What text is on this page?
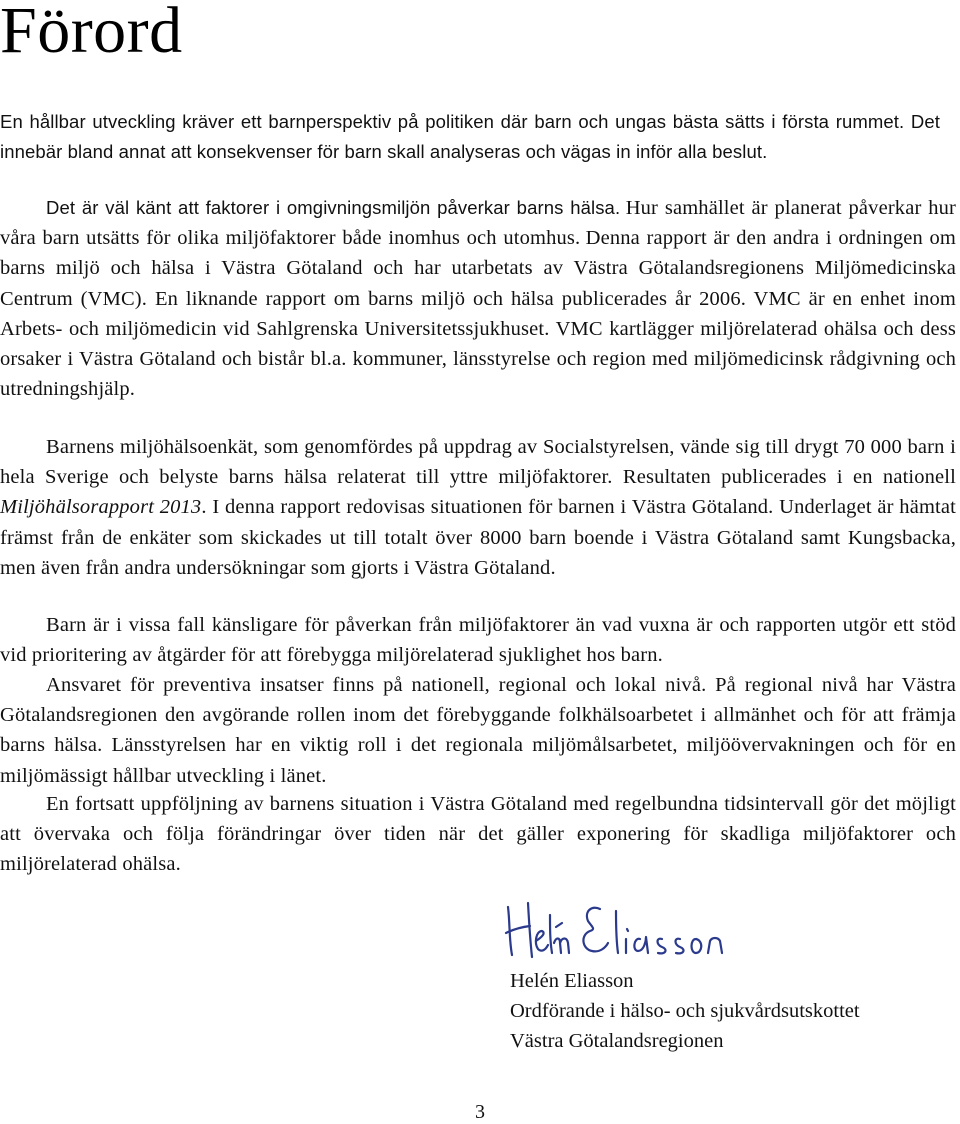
Förord

En hållbar utveckling kräver ett barnperspektiv på politiken där barn och ungas bästa sätts i första rummet. Det innebär bland annat att konsekvenser för barn skall analyseras och vägas in inför alla beslut.

Det är väl känt att faktorer i omgivningsmiljön påverkar barns hälsa. Hur samhället är planerat påverkar hur våra barn utsätts för olika miljöfaktorer både inomhus och utomhus. Denna rapport är den andra i ordningen om barns miljö och hälsa i Västra Götaland och har utarbetats av Västra Götalandsregionens Miljömedicinska Centrum (VMC). En liknande rapport om barns miljö och hälsa publicerades år 2006. VMC är en enhet inom Arbets- och miljömedicin vid Sahlgrenska Universitetssjukhuset. VMC kartlägger miljörelaterad ohälsa och dess orsaker i Västra Götaland och bistår bl.a. kommuner, länsstyrelse och region med miljömedicinsk rådgivning och utredningshjälp.

Barnens miljöhälsoenkät, som genomfördes på uppdrag av Socialstyrelsen, vände sig till drygt 70 000 barn i hela Sverige och belyste barns hälsa relaterat till yttre miljöfaktorer. Resultaten publicerades i en nationell Miljöhälsorapport 2013. I denna rapport redovisas situationen för barnen i Västra Götaland. Underlaget är hämtat främst från de enkäter som skickades ut till totalt över 8000 barn boende i Västra Götaland samt Kungsbacka, men även från andra undersökningar som gjorts i Västra Götaland.

Barn är i vissa fall känsligare för påverkan från miljöfaktorer än vad vuxna är och rapporten utgör ett stöd vid prioritering av åtgärder för att förebygga miljörelaterad sjuklighet hos barn.

Ansvaret för preventiva insatser finns på nationell, regional och lokal nivå. På regional nivå har Västra Götalandsregionen den avgörande rollen inom det förebyggande folkhälsoarbetet i allmänhet och för att främja barns hälsa. Länsstyrelsen har en viktig roll i det regionala miljömålsarbetet, miljöövervakningen och för en miljömässigt hållbar utveckling i länet.

En fortsatt uppföljning av barnens situation i Västra Götaland med regelbundna tidsintervall gör det möjligt att övervaka och följa förändringar över tiden när det gäller exponering för skadliga miljöfaktorer och miljörelaterad ohälsa.

Helén Eliasson
Ordförande i hälso- och sjukvårdsutskottet
Västra Götalandsregionen
3
